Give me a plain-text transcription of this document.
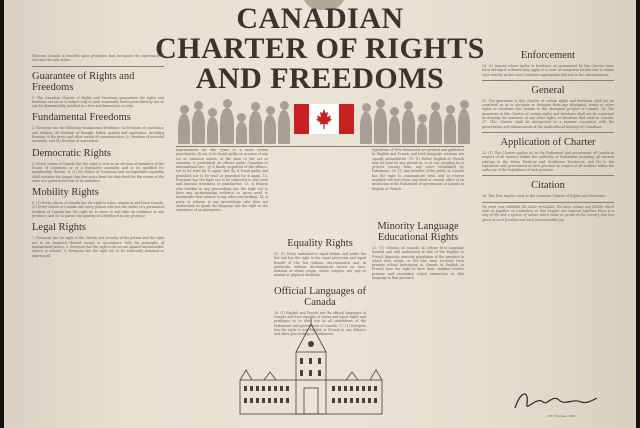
CANADIAN
CHARTER OF RIGHTS
AND FREEDOMS
Whereas Canada is founded upon principles that recognize the supremacy of God and the rule of law:
Guarantee of Rights and Freedoms
1. The Canadian Charter of Rights and Freedoms guarantees the rights and freedoms set out in it subject only to such reasonable limits prescribed by law as can be demonstrably justified in a free and democratic society.
Fundamental Freedoms
2. Everyone has the following fundamental freedoms: (a) freedom of conscience and religion; (b) freedom of thought, belief, opinion and expression, including freedom of the press and other media of communication; (c) freedom of peaceful assembly; and (d) freedom of association.
Democratic Rights
3. Every citizen of Canada has the right to vote in an election of members of the House of Commons or of a legislative assembly and to be qualified for membership therein. 4. (1) No House of Commons and no legislative assembly shall continue for longer than five years from the date fixed for the return of the writs at a general election of its members.
Mobility Rights
6. (1) Every citizen of Canada has the right to enter, remain in and leave Canada. (2) Every citizen of Canada and every person who has the status of a permanent resident of Canada has the right (a) to move to and take up residence in any province; and (b) to pursue the gaining of a livelihood in any province.
Legal Rights
7. Everyone has the right to life, liberty and security of the person and the right not to be deprived thereof except in accordance with the principles of fundamental justice. 8. Everyone has the right to be secure against unreasonable search or seizure. 9. Everyone has the right not to be arbitrarily detained or imprisoned.
imprisonment for five years or a more severe punishment; (f) not to be found guilty on account of any act or omission unless, at the time of the act or omission, it constituted an offence under Canadian or international law; (g) if finally acquitted of the offence, not to be tried for it again; and (h) if found guilty and punished, not to be tried or punished for it again. 12. Everyone has the right not to be subjected to any cruel and unusual treatment or punishment. 13. A witness who testifies in any proceedings has the right not to have any incriminating evidence so given used to incriminate that witness in any other proceedings. 14. A party or witness in any proceedings who does not understand or speak the language has the right to the assistance of an interpreter.
Equality Rights
15. (1) Every individual is equal before and under the law and has the right to the equal protection and equal benefit of the law without discrimination and, in particular, without discrimination based on race, national or ethnic origin, colour, religion, sex, age or mental or physical disability.
Official Languages of Canada
16. (1) English and French are the official languages of Canada and have equality of status and equal rights and privileges as to their use in all institutions of the Parliament and government of Canada. 17. (1) Everyone has the right to use English or French in any debates and other proceedings of Parliament.
legislature of New Brunswick are printed and published in English and French and both language versions are equally authoritative. 19. (1) Either English or French may be used by any person in, or in any pleading in or process issuing from, any court established by Parliament. 20. (1) Any member of the public in Canada has the right to communicate with, and to receive available services from, any head or central office of an institution of the Parliament or government of Canada in English or French.
Minority Language Educational Rights
23. (1) Citizens of Canada (a) whose first language learned and still understood is that of the English or French linguistic minority population of the province in which they reside, or (b) who have received their primary school instruction in Canada in English or French have the right to have their children receive primary and secondary school instruction in that language in that province.
Enforcement
24. (1) Anyone whose rights or freedoms, as guaranteed by this Charter, have been infringed or denied may apply to a court of competent jurisdiction to obtain such remedy as the court considers appropriate and just in the circumstances.
General
25. The guarantee in this Charter of certain rights and freedoms shall not be construed so as to abrogate or derogate from any aboriginal, treaty or other rights or freedoms that pertain to the aboriginal peoples of Canada. 26. The guarantee in this Charter of certain rights and freedoms shall not be construed as denying the existence of any other rights or freedoms that exist in Canada. 27. This Charter shall be interpreted in a manner consistent with the preservation and enhancement of the multicultural heritage of Canadians.
Application of Charter
32. (1) This Charter applies (a) to the Parliament and government of Canada in respect of all matters within the authority of Parliament including all matters relating to the Yukon Territory and Northwest Territories; and (b) to the legislature and government of each province in respect of all matters within the authority of the legislature of each province.
Citation
34. This Part may be cited as the Canadian Charter of Rights and Freedoms.
We must now establish the basic principles, the basic values and beliefs which hold us together as Canadians so that beyond our regional loyalties there is a way of life and a system of values which make us proud of the country that has given us such freedom and such immeasurable joy.
P.E. Trudeau 1981
